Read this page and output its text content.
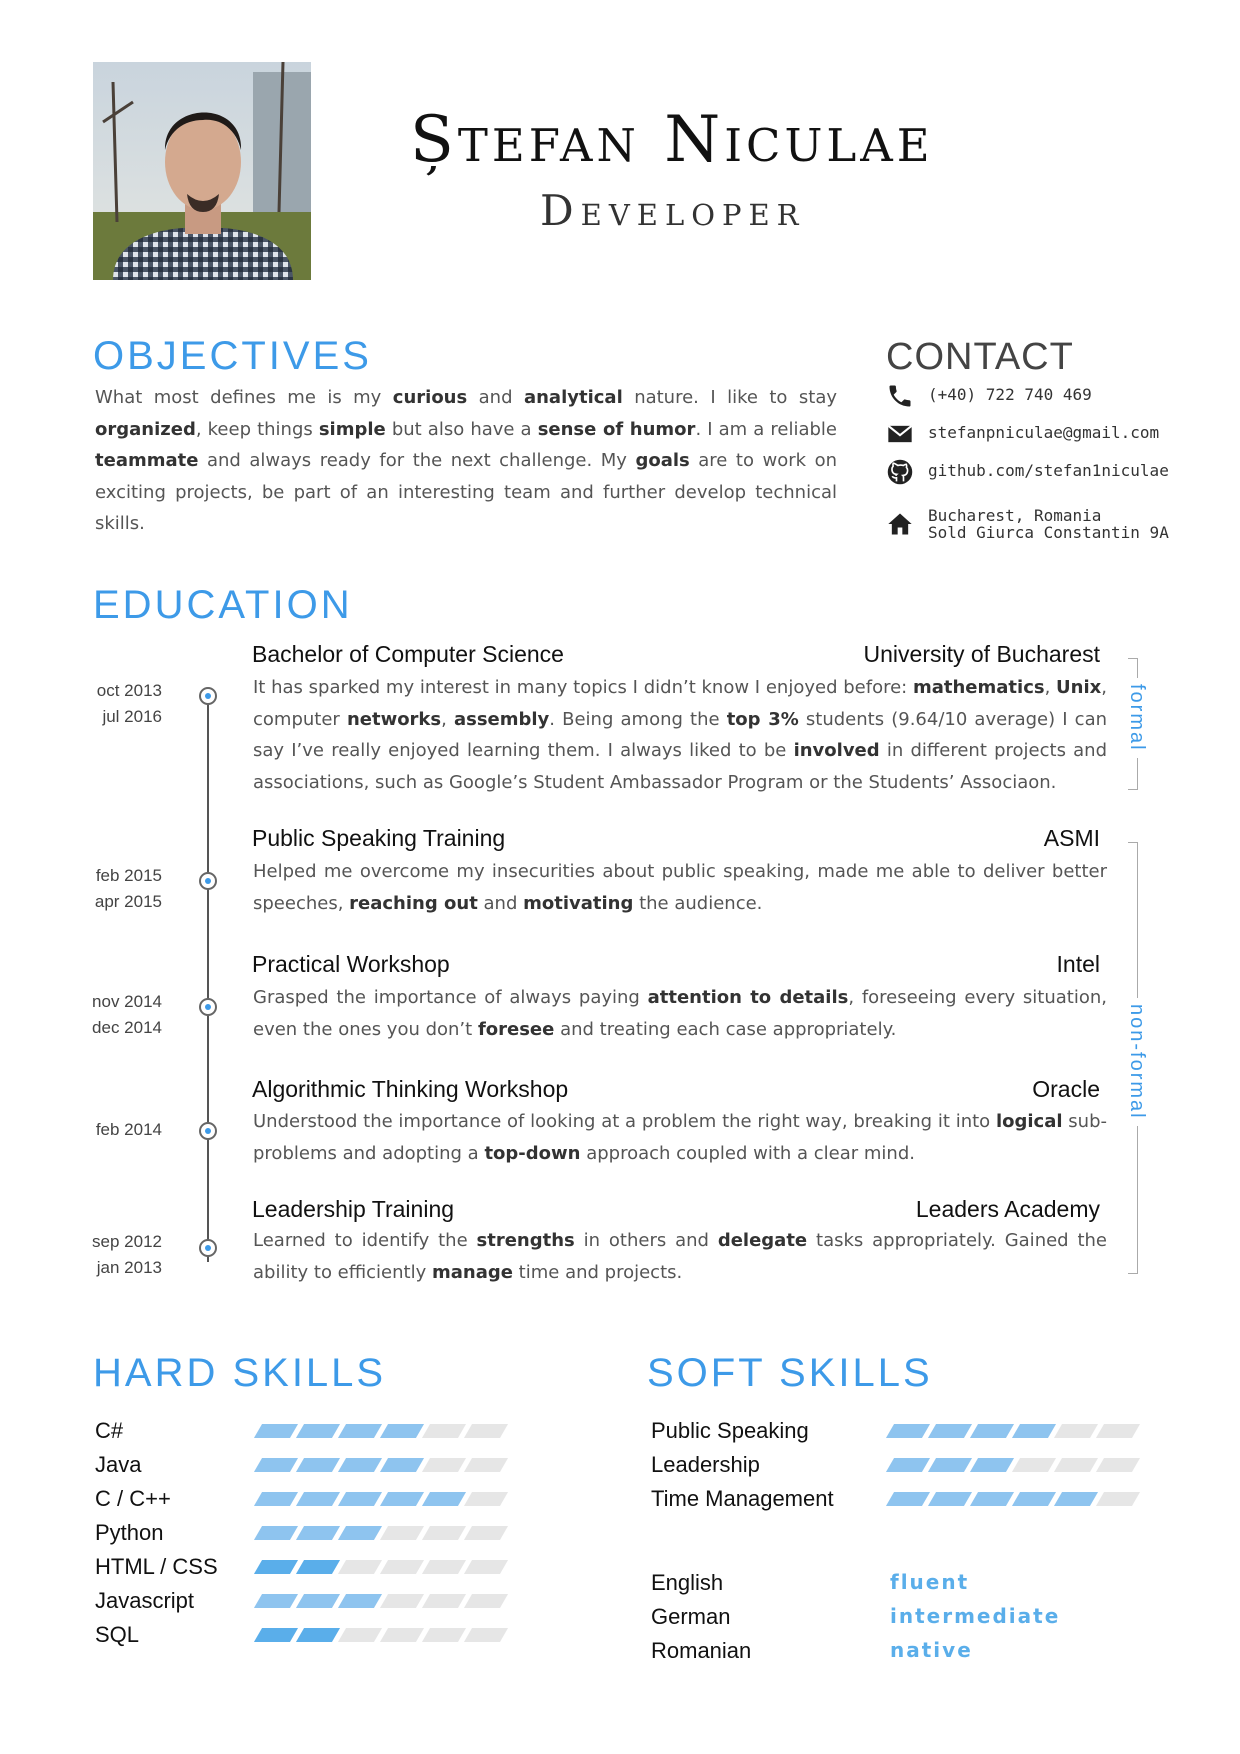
Ștefan Niculae
Developer
OBJECTIVES
What most defines me is my curious and analytical nature. I like to stay organized, keep things simple but also have a sense of humor. I am a reliable teammate and always ready for the next challenge. My goals are to work on exciting projects, be part of an interesting team and further develop technical skills.
CONTACT
(+40) 722 740 469
stefanpniculae@gmail.com
github.com/stefan1niculae
Bucharest, Romania
Sold Giurca Constantin 9A
EDUCATION
formal
non-formal
Bachelor of Computer Science	University of Bucharest
oct 2013
jul 2016
It has sparked my interest in many topics I didn’t know I enjoyed before: mathematics, Unix, computer networks, assembly. Being among the top 3% students (9.64/10 average) I can say I’ve really enjoyed learning them. I always liked to be involved in different projects and associations, such as Google’s Student Ambassador Program or the Students’ Associaon.
Public Speaking Training	ASMI
feb 2015
apr 2015
Helped me overcome my insecurities about public speaking, made me able to deliver better speeches, reaching out and motivating the audience.
Practical Workshop	Intel
nov 2014
dec 2014
Grasped the importance of always paying attention to details, foreseeing every situation, even the ones you don’t foresee and treating each case appropriately.
Algorithmic Thinking Workshop	Oracle
feb 2014	Understood the importance of looking at a problem the right way, breaking it into logical sub-problems and adopting a top-down approach coupled with a clear mind.
Leadership Training	Leaders Academy
sep 2012
jan 2013
Learned to identify the strengths in others and delegate tasks appropriately. Gained the ability to efficiently manage time and projects.
HARD SKILLS
C#
Java
C / C++
Python
HTML / CSS
Javascript
SQL
SOFT SKILLS
Public Speaking
Leadership
Time Management
English	fluent
German	intermediate
Romanian	native
